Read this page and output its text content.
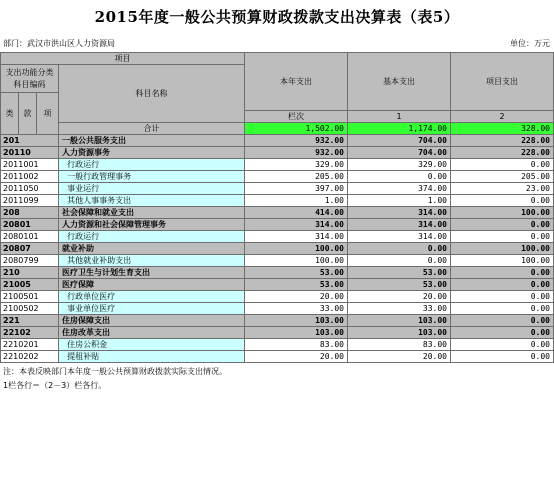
2015年度一般公共预算财政拨款支出决算表（表5）
部门：武汉市洪山区人力资源局	单位：万元
项目				本年支出	基本支出	项目支出	
支出功能分类科目编码			科目名称				
类	款	项					
				栏次	1	2	
			合计	1,502.00	1,174.00	328.00	
201			一般公共服务支出	932.00	704.00	228.00	
20110			人力资源事务	932.00	704.00	228.00	
2011001			行政运行	329.00	329.00	0.00	
2011002			一般行政管理事务	205.00	0.00	205.00	
2011050			事业运行	397.00	374.00	23.00	
2011099			其他人事事务支出	1.00	1.00	0.00	
208			社会保障和就业支出	414.00	314.00	100.00	
20801			人力资源和社会保障管理事务	314.00	314.00	0.00	
2080101			行政运行	314.00	314.00	0.00	
20807			就业补助	100.00	0.00	100.00	
2080799			其他就业补助支出	100.00	0.00	100.00	
210			医疗卫生与计划生育支出	53.00	53.00	0.00	
21005			医疗保障	53.00	53.00	0.00	
2100501			行政单位医疗	20.00	20.00	0.00	
2100502			事业单位医疗	33.00	33.00	0.00	
221			住房保障支出	103.00	103.00	0.00	
22102			住房改革支出	103.00	103.00	0.00	
2210201			住房公积金	83.00	83.00	0.00	
2210202			提租补贴	20.00	20.00	0.00	
注：本表反映部门本年度一般公共预算财政拨款实际支出情况。
1栏各行＝（2－3）栏各行。
